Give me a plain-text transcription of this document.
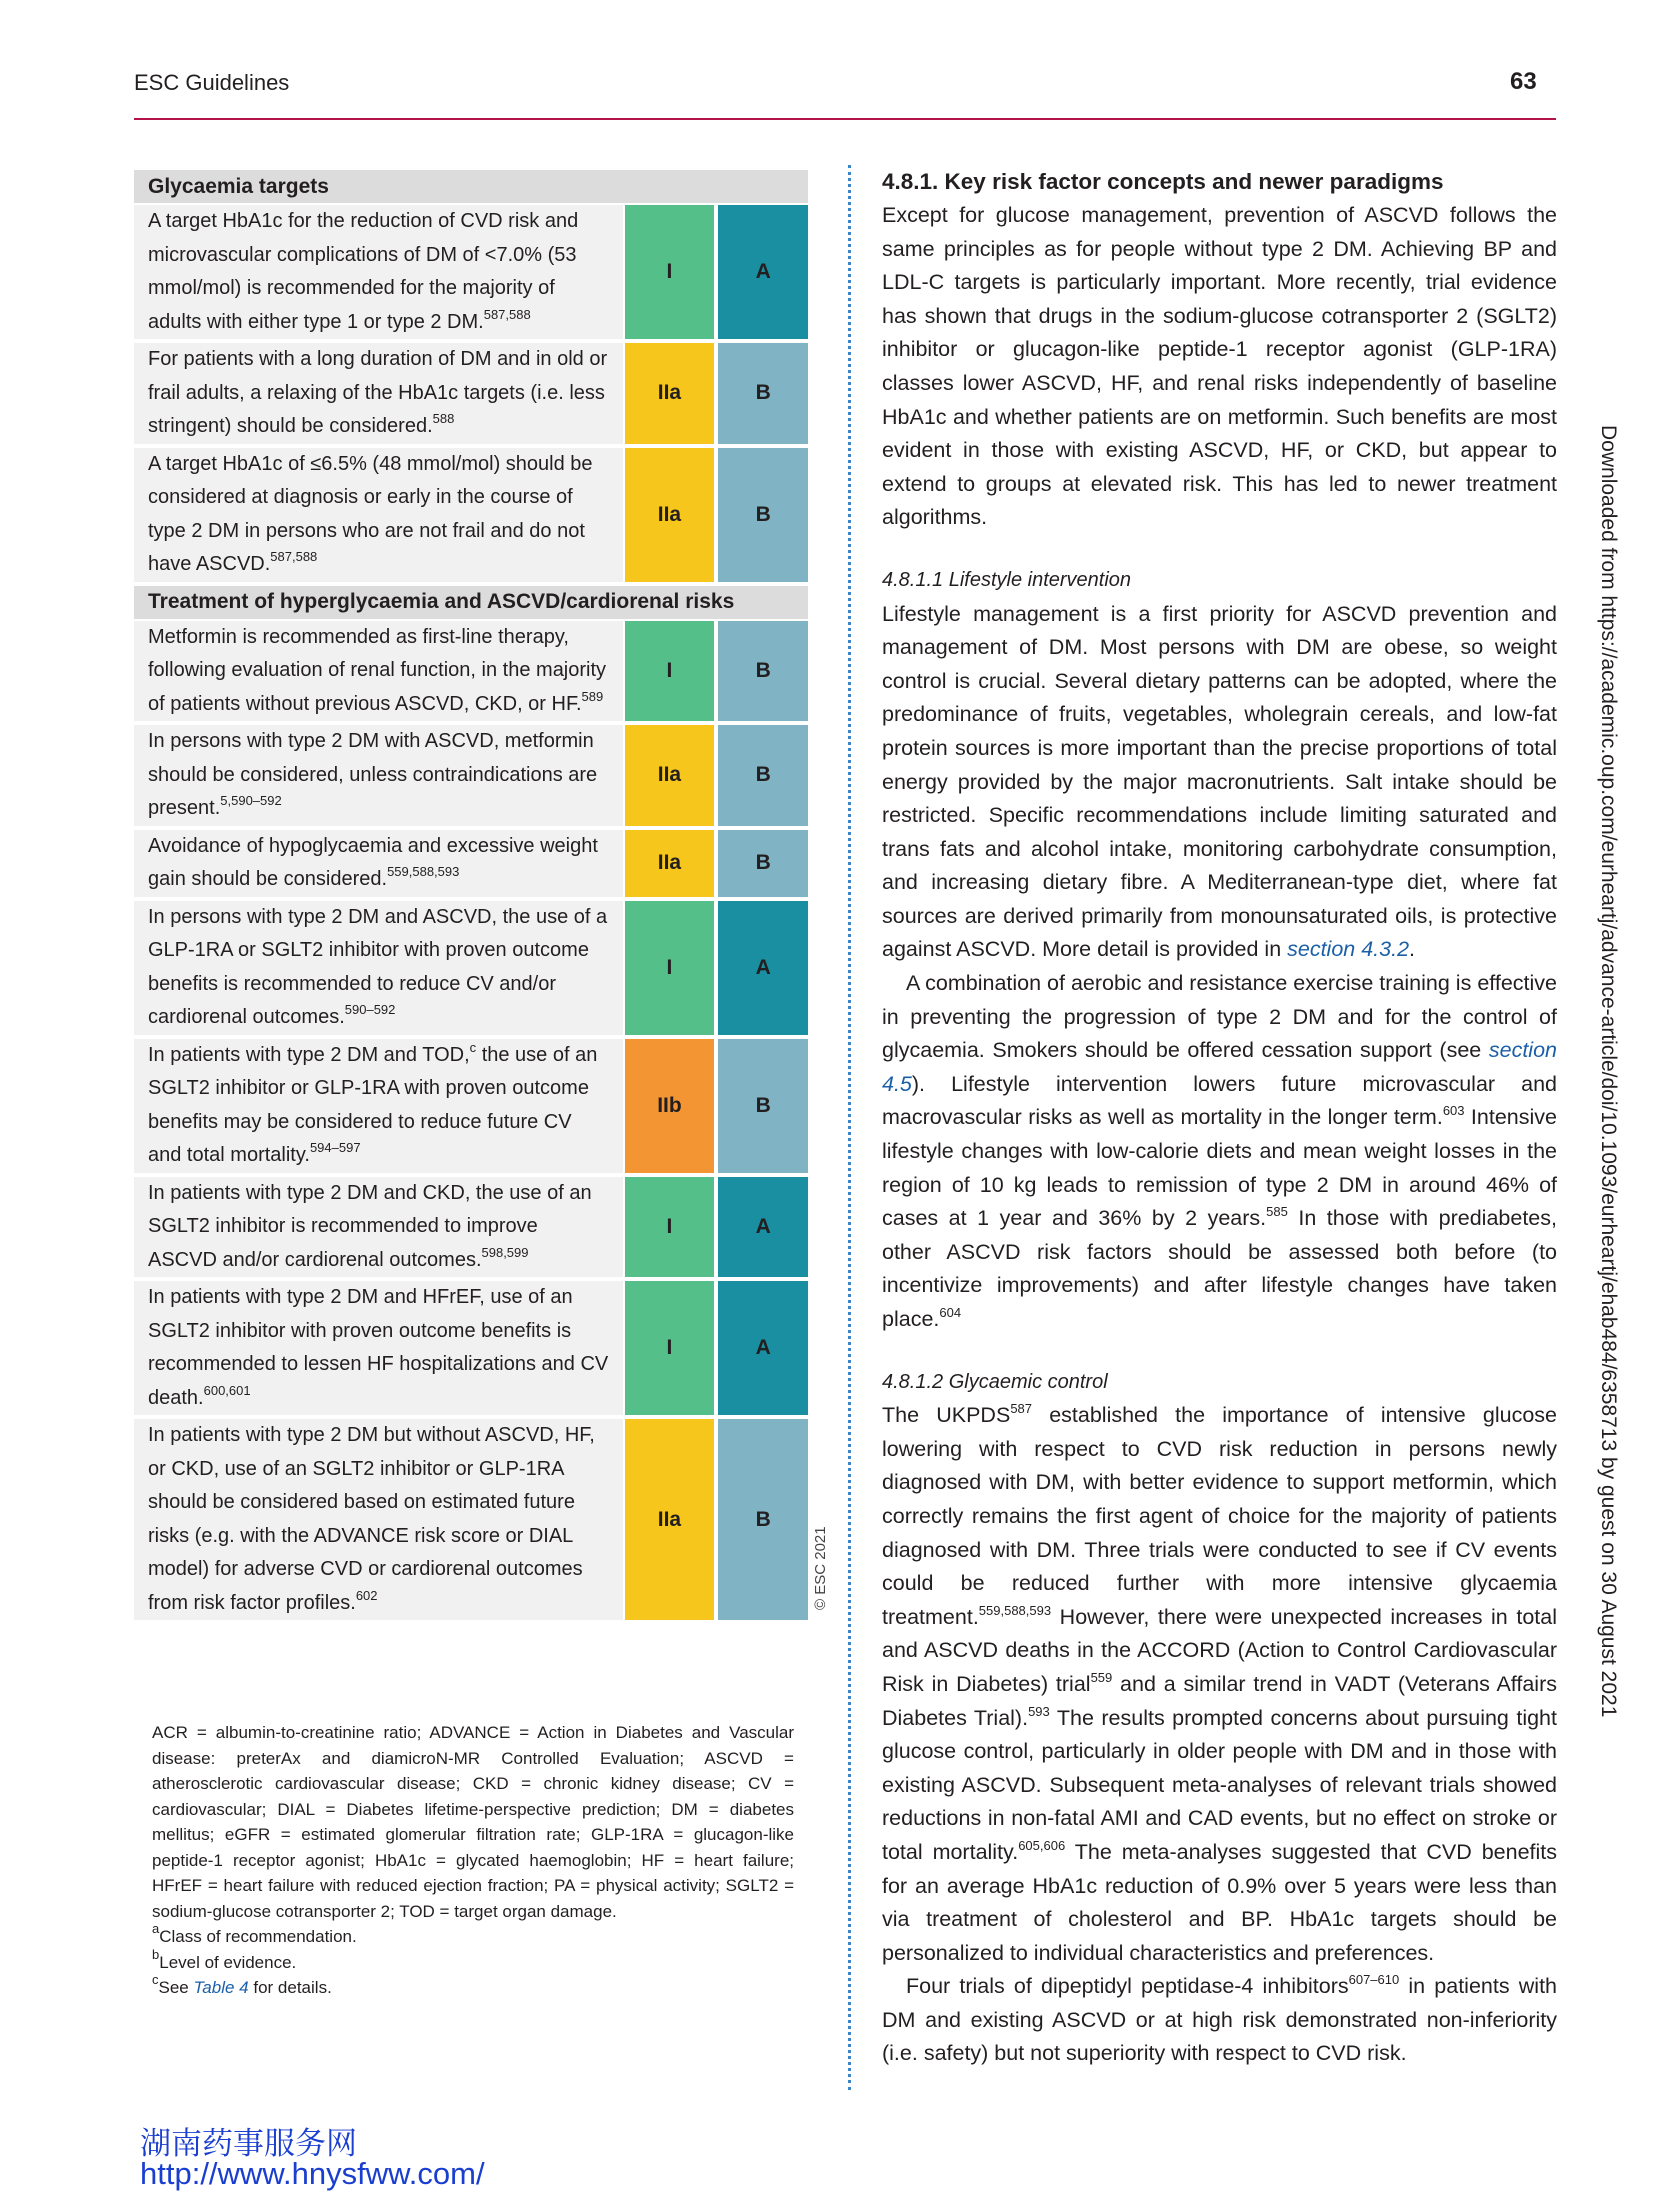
ESC Guidelines	63
Glycaemia targets		
A target HbA1c for the reduction of CVD risk and microvascular complications of DM of <7.0% (53 mmol/mol) is recommended for the majority of adults with either type 1 or type 2 DM.$^{587,588}$	I	A
For patients with a long duration of DM and in old or frail adults, a relaxing of the HbA1c targets (i.e. less stringent) should be considered.$^{588}$	IIa	B
A target HbA1c of ≤6.5% (48 mmol/mol) should be considered at diagnosis or early in the course of type 2 DM in persons who are not frail and do not have ASCVD.$^{587,588}$	IIa	B
Treatment of hyperglycaemia and ASCVD/cardiorenal risks		
Metformin is recommended as first-line therapy, following evaluation of renal function, in the majority of patients without previous ASCVD, CKD, or HF.$^{589}$	I	B
In persons with type 2 DM with ASCVD, metformin should be considered, unless contraindications are present.$^{5,590-592}$	IIa	B
Avoidance of hypoglycaemia and excessive weight gain should be considered.$^{559,588,593}$	IIa	B
In persons with type 2 DM and ASCVD, the use of a GLP-1RA or SGLT2 inhibitor with proven outcome benefits is recommended to reduce CV and/or cardiorenal outcomes.$^{590-592}$	I	A
In patients with type 2 DM and TOD,$^c$ the use of an SGLT2 inhibitor or GLP-1RA with proven outcome benefits may be considered to reduce future CV and total mortality.$^{594-597}$	IIb	B
In patients with type 2 DM and CKD, the use of an SGLT2 inhibitor is recommended to improve ASCVD and/or cardiorenal outcomes.$^{598,599}$	I	A
In patients with type 2 DM and HFrEF, use of an SGLT2 inhibitor with proven outcome benefits is recommended to lessen HF hospitalizations and CV death.$^{600,601}$	I	A
In patients with type 2 DM but without ASCVD, HF, or CKD, use of an SGLT2 inhibitor or GLP-1RA should be considered based on estimated future risks (e.g. with the ADVANCE risk score or DIAL model) for adverse CVD or cardiorenal outcomes from risk factor profiles.$^{602}$	IIa	B
© ESC 2021

ACR = albumin-to-creatinine ratio; ADVANCE = Action in Diabetes and Vascular disease: preterAx and diamicroN-MR Controlled Evaluation; ASCVD = atherosclerotic cardiovascular disease; CKD = chronic kidney disease; CV = cardiovascular; DIAL = Diabetes lifetime-perspective prediction; DM = diabetes mellitus; eGFR = estimated glomerular filtration rate; GLP-1RA = glucagon-like peptide-1 receptor agonist; HbA1c = glycated haemoglobin; HF = heart failure; HFrEF = heart failure with reduced ejection fraction; PA = physical activity; SGLT2 = sodium-glucose cotransporter 2; TOD = target organ damage.

$^a$Class of recommendation.

$^b$Level of evidence.

$^c$See Table 4 for details.

4.8.1. Key risk factor concepts and newer paradigms

Except for glucose management, prevention of ASCVD follows the same principles as for people without type 2 DM. Achieving BP and LDL-C targets is particularly important. More recently, trial evidence has shown that drugs in the sodium-glucose cotransporter 2 (SGLT2) inhibitor or glucagon-like peptide-1 receptor agonist (GLP-1RA) classes lower ASCVD, HF, and renal risks independently of baseline HbA1c and whether patients are on metformin. Such benefits are most evident in those with existing ASCVD, HF, or CKD, but appear to extend to groups at elevated risk. This has led to newer treatment algorithms.

4.8.1.1 Lifestyle intervention

Lifestyle management is a first priority for ASCVD prevention and management of DM. Most persons with DM are obese, so weight control is crucial. Several dietary patterns can be adopted, where the predominance of fruits, vegetables, wholegrain cereals, and low-fat protein sources is more important than the precise proportions of total energy provided by the major macronutrients. Salt intake should be restricted. Specific recommendations include limiting saturated and trans fats and alcohol intake, monitoring carbohydrate consumption, and increasing dietary fibre. A Mediterranean-type diet, where fat sources are derived primarily from monounsaturated oils, is protective against ASCVD. More detail is provided in section 4.3.2.

A combination of aerobic and resistance exercise training is effective in preventing the progression of type 2 DM and for the control of glycaemia. Smokers should be offered cessation support (see section 4.5). Lifestyle intervention lowers future microvascular and macrovascular risks as well as mortality in the longer term.$^{603}$ Intensive lifestyle changes with low-calorie diets and mean weight losses in the region of 10 kg leads to remission of type 2 DM in around 46% of cases at 1 year and 36% by 2 years.$^{585}$ In those with prediabetes, other ASCVD risk factors should be assessed both before (to incentivize improvements) and after lifestyle changes have taken place.$^{604}$

4.8.1.2 Glycaemic control

The UKPDS$^{587}$ established the importance of intensive glucose lowering with respect to CVD risk reduction in persons newly diagnosed with DM, with better evidence to support metformin, which correctly remains the first agent of choice for the majority of patients diagnosed with DM. Three trials were conducted to see if CV events could be reduced further with more intensive glycaemia treatment.$^{559,588,593}$ However, there were unexpected increases in total and ASCVD deaths in the ACCORD (Action to Control Cardiovascular Risk in Diabetes) trial$^{559}$ and a similar trend in VADT (Veterans Affairs Diabetes Trial).$^{593}$ The results prompted concerns about pursuing tight glucose control, particularly in older people with DM and in those with existing ASCVD. Subsequent meta-analyses of relevant trials showed reductions in non-fatal AMI and CAD events, but no effect on stroke or total mortality.$^{605,606}$ The meta-analyses suggested that CVD benefits for an average HbA1c reduction of 0.9% over 5 years were less than via treatment of cholesterol and BP. HbA1c targets should be personalized to individual characteristics and preferences.

Four trials of dipeptidyl peptidase-4 inhibitors$^{607-610}$ in patients with DM and existing ASCVD or at high risk demonstrated non-inferiority (i.e. safety) but not superiority with respect to CVD risk.

Downloaded from https://academic.oup.com/eurheartj/advance-article/doi/10.1093/eurheartj/ehab484/6358713 by guest on 30 August 2021
湖南药事服务网
http://www.hnysfww.com/
